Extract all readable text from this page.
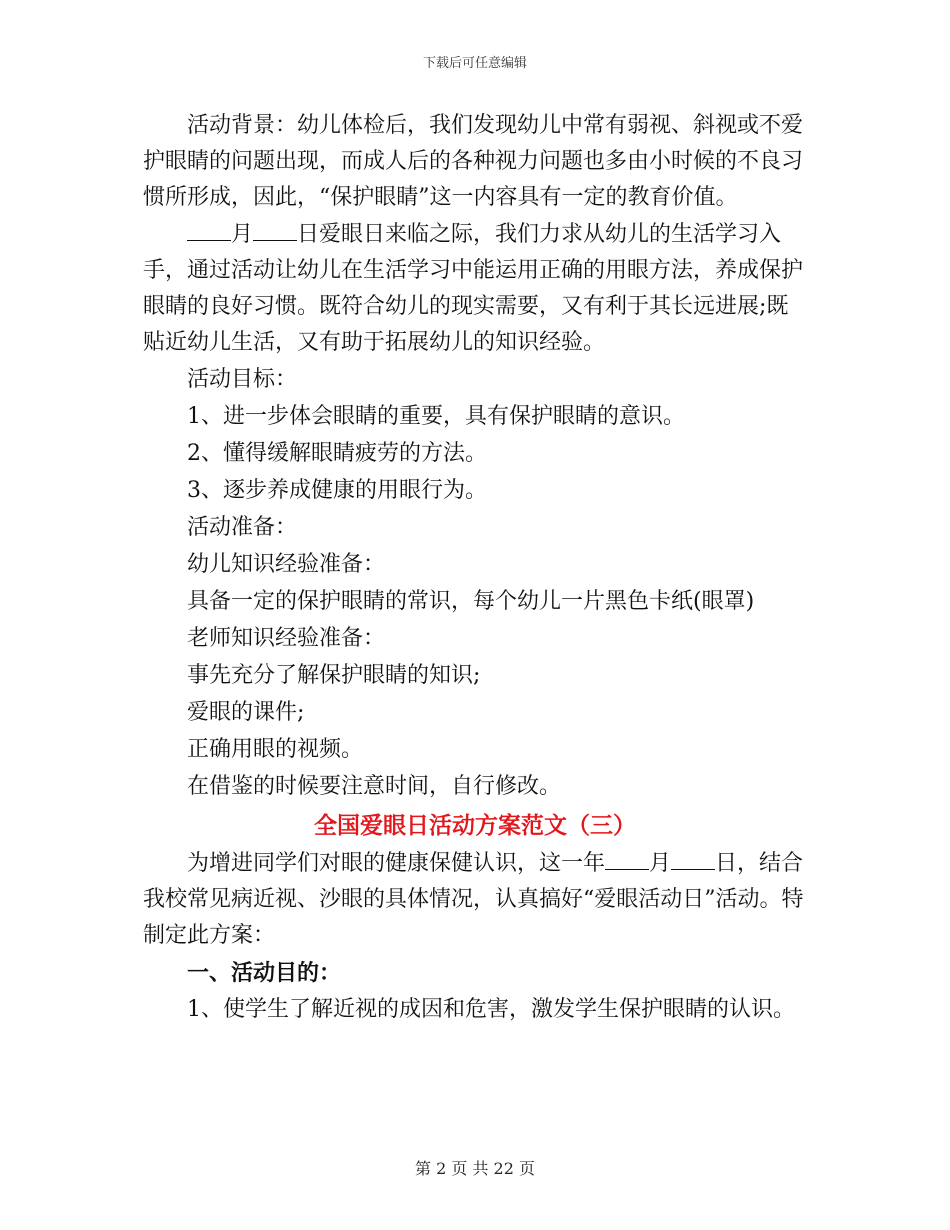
下载后可任意编辑

活动背景：幼儿体检后，我们发现幼儿中常有弱视、斜视或不爱护眼睛的问题出现，而成人后的各种视力问题也多由小时候的不良习惯所形成，因此，“保护眼睛”这一内容具有一定的教育价值。

月 日爱眼日来临之际，我们力求从幼儿的生活学习入手，通过活动让幼儿在生活学习中能运用正确的用眼方法，养成保护眼睛的良好习惯。既符合幼儿的现实需要，又有利于其长远进展;既贴近幼儿生活，又有助于拓展幼儿的知识经验。

活动目标：

1、进一步体会眼睛的重要，具有保护眼睛的意识。

2、懂得缓解眼睛疲劳的方法。

3、逐步养成健康的用眼行为。

活动准备：

幼儿知识经验准备：

具备一定的保护眼睛的常识，每个幼儿一片黑色卡纸(眼罩)

老师知识经验准备：

事先充分了解保护眼睛的知识;

爱眼的课件;

正确用眼的视频。

在借鉴的时候要注意时间，自行修改。

全国爱眼日活动方案范文（三）

为增进同学们对眼的健康保健认识，这一年 月 日，结合我校常见病近视、沙眼的具体情况，认真搞好“爱眼活动日”活动。特制定此方案：

一、活动目的：

1、使学生了解近视的成因和危害，激发学生保护眼睛的认识。

第 2 页 共 22 页
